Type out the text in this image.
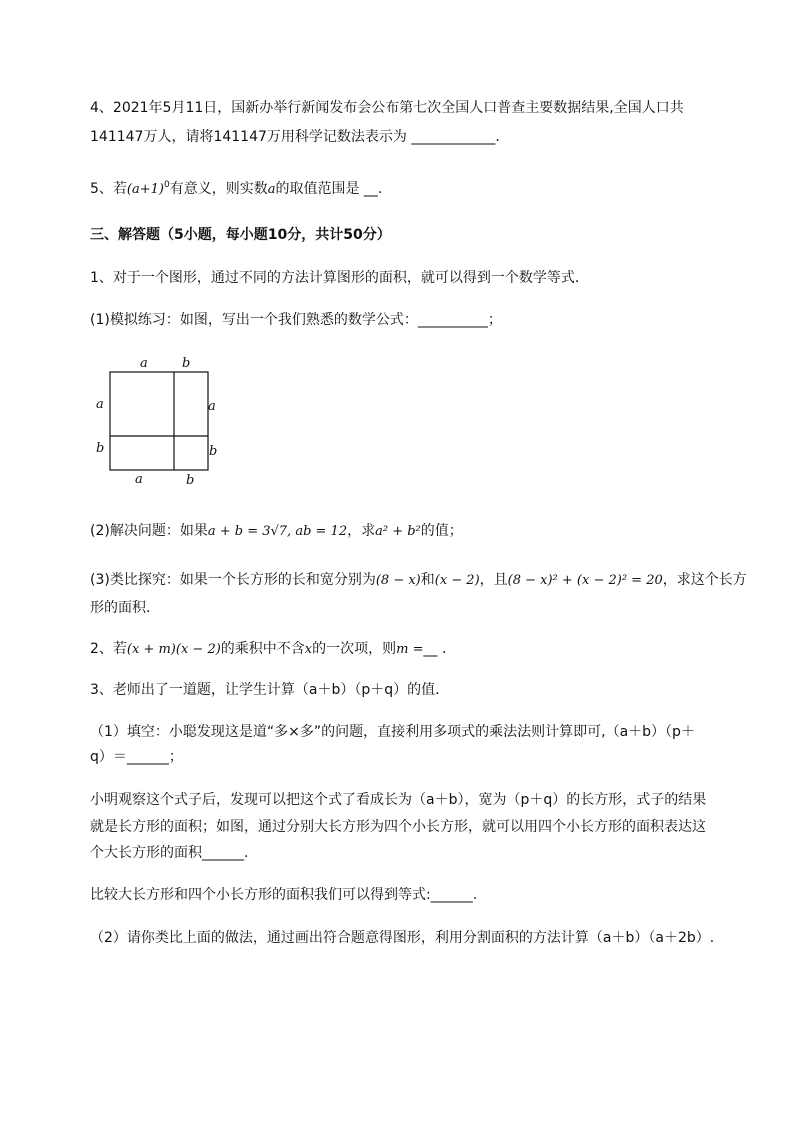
4、2021年5月11日，国新办举行新闻发布会公布第七次全国人口普查主要数据结果,全国人口共
141147万人，请将141147万用科学记数法表示为 ____________.
5、若$(a+1)^0$有意义，则实数a的取值范围是 __.
三、解答题（5小题，每小题10分，共计50分）
1、对于一个图形，通过不同的方法计算图形的面积，就可以得到一个数学等式．
(1)模拟练习：如图，写出一个我们熟悉的数学公式：__________；
a	b
a
b
a
b
a	b
(2)解决问题：如果a + b = 3√7, ab = 12，求a² + b²的值；
(3)类比探究：如果一个长方形的长和宽分别为(8 − x)和(x − 2)，且(8 − x)² + (x − 2)² = 20，求这个长方
形的面积．
2、若(x + m)(x − 2)的乘积中不含x的一次项，则m =__ .
3、老师出了一道题，让学生计算（a＋b）（p＋q）的值．
（1）填空：小聪发现这是道“多×多”的问题，直接利用多项式的乘法法则计算即可,（a＋b）（p＋
q）＝______；
小明观察这个式子后，发现可以把这个式了看成长为（a＋b），宽为（p＋q）的长方形，式子的结果
就是长方形的面积；如图，通过分别大长方形为四个小长方形，就可以用四个小长方形的面积表达这
个大长方形的面积______.
比较大长方形和四个小长方形的面积我们可以得到等式:______.
（2）请你类比上面的做法，通过画出符合题意得图形，利用分割面积的方法计算（a＋b）（a＋2b）.
